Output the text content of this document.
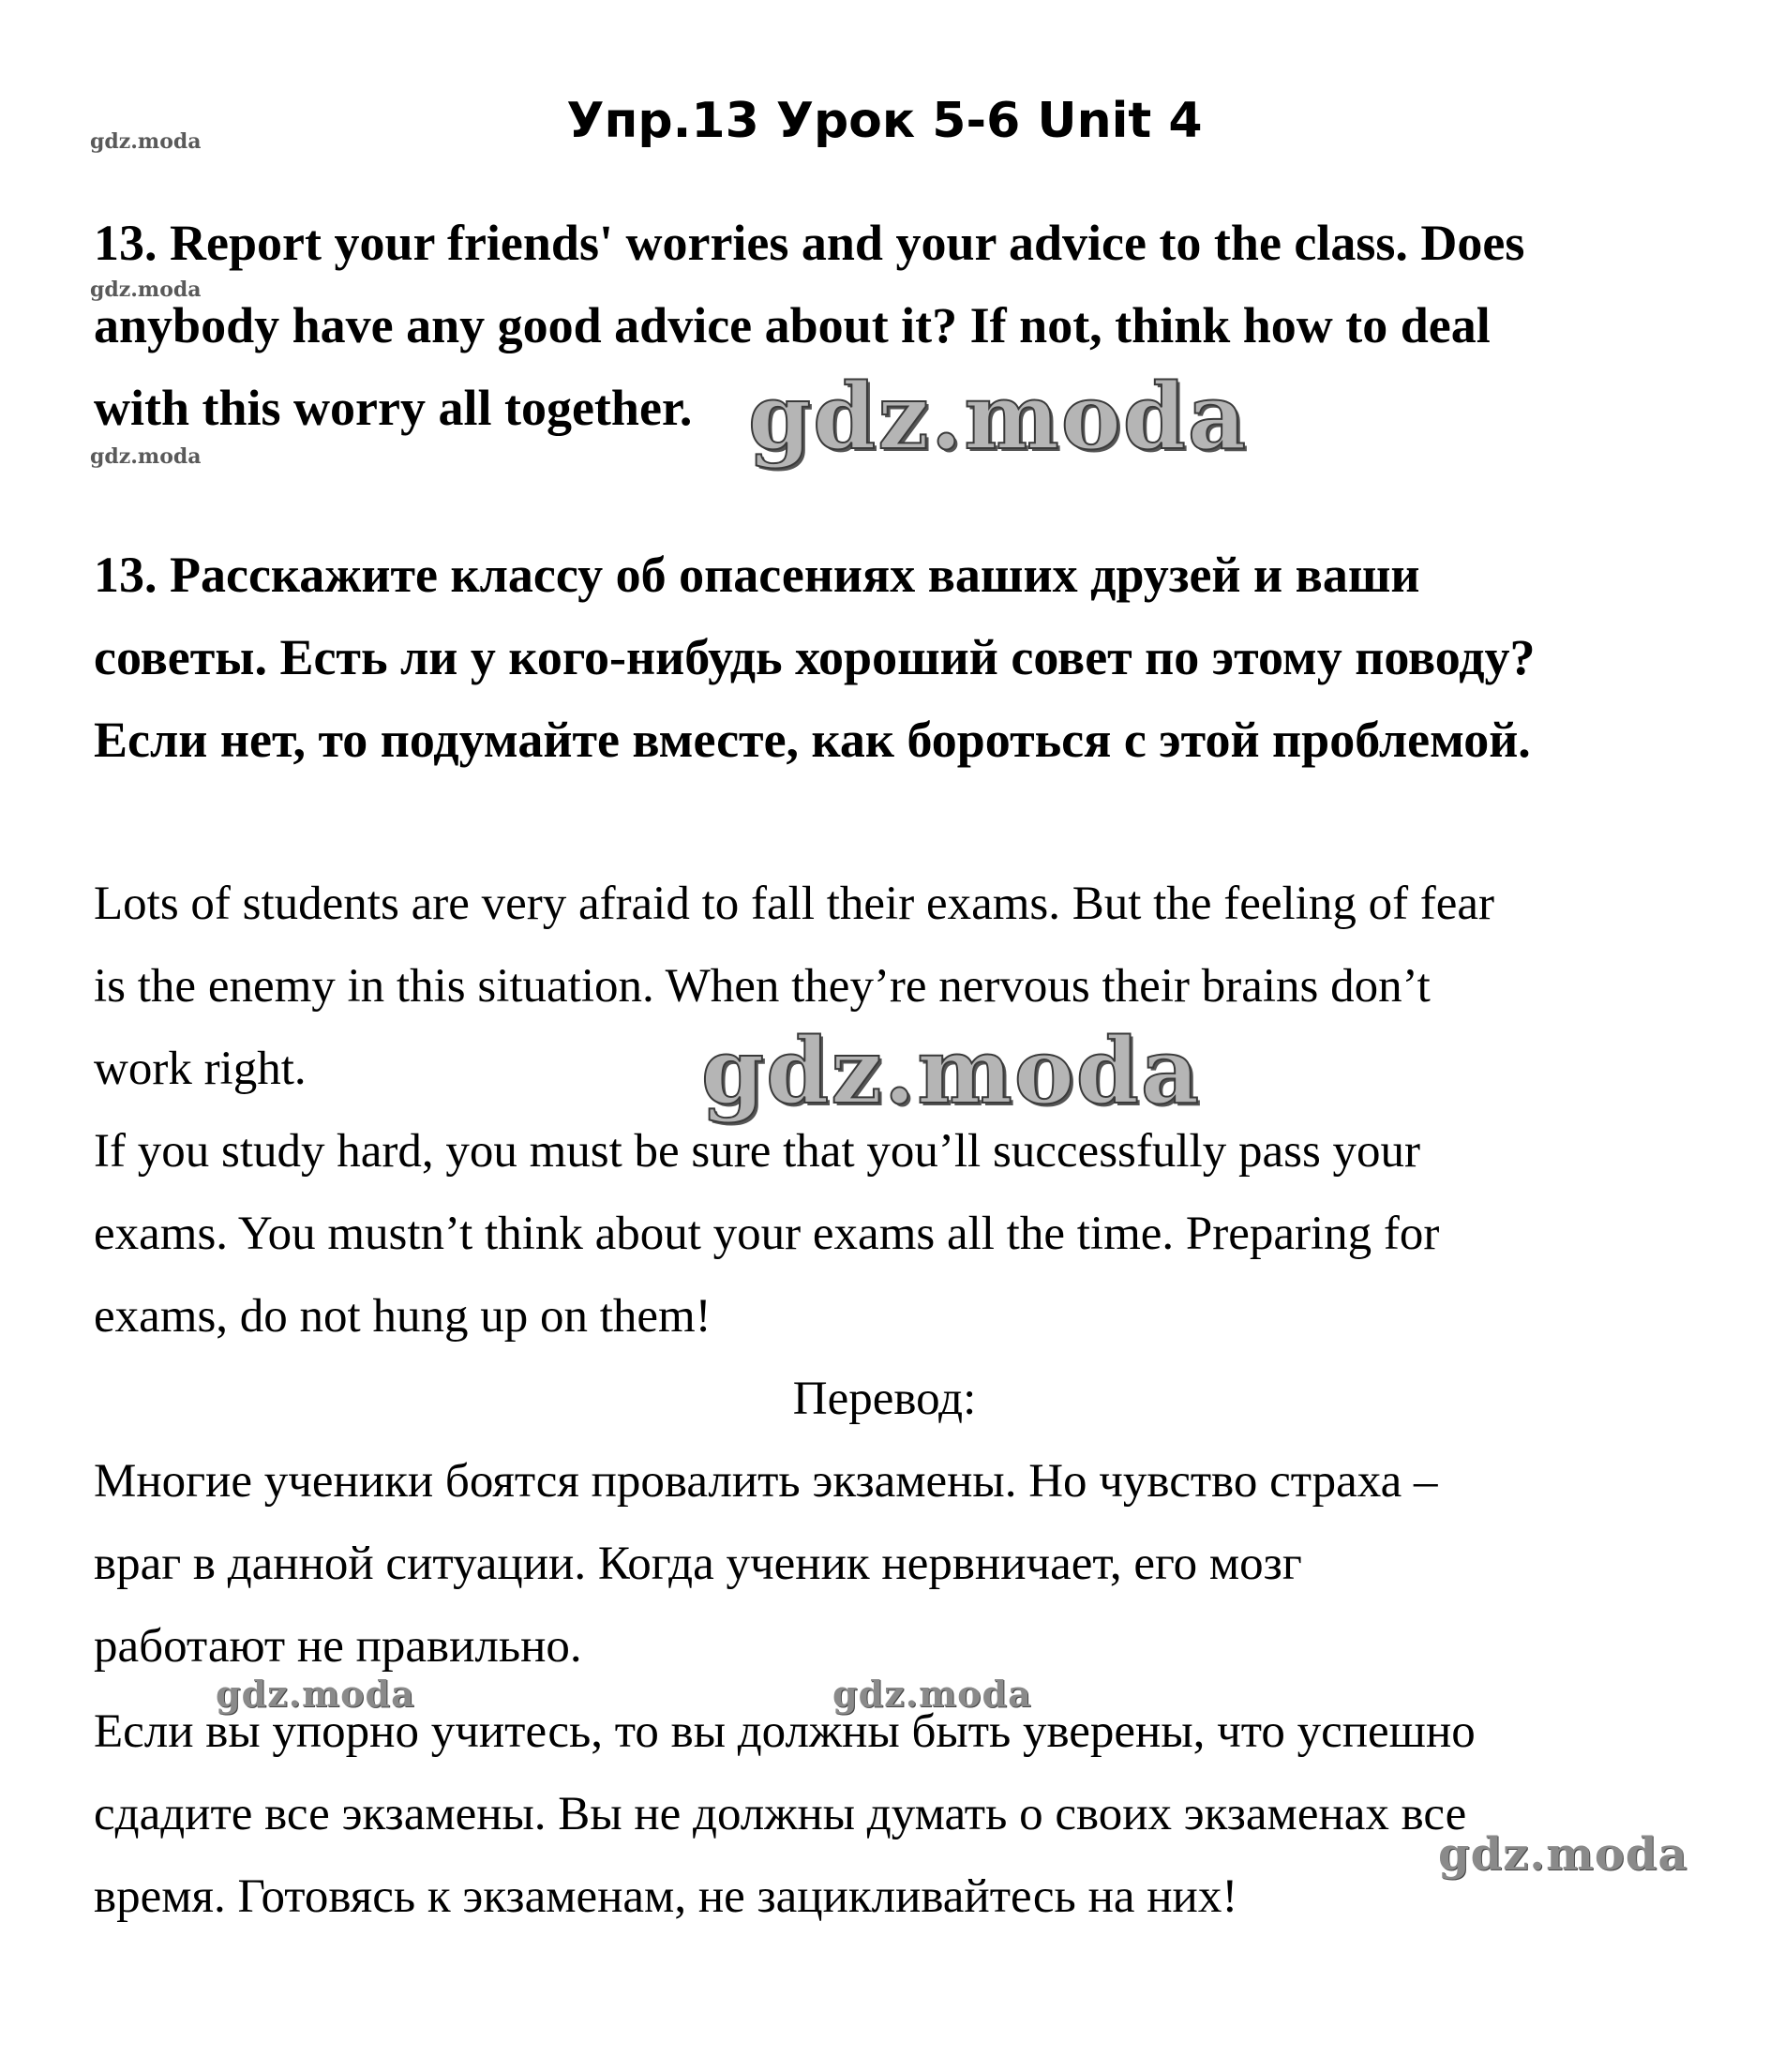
Упр.13 Урок 5-6 Unit 4
13. Report your friends' worries and your advice to the class. Does
anybody have any good advice about it? If not, think how to deal
with this worry all together.
13. Расскажите классу об опасениях ваших друзей и ваши
советы. Есть ли у кого-нибудь хороший совет по этому поводу?
Если нет, то подумайте вместе, как бороться с этой проблемой.
Lots of students are very afraid to fall their exams. But the feeling of fear
is the enemy in this situation. When they’re nervous their brains don’t
work right.
If you study hard, you must be sure that you’ll successfully pass your
exams. You mustn’t think about your exams all the time. Preparing for
exams, do not hung up on them!
Перевод:
Многие ученики боятся провалить экзамены. Но чувство страха –
враг в данной ситуации. Когда ученик нервничает, его мозг
работают не правильно.
Если вы упорно учитесь, то вы должны быть уверены, что успешно
сдадите все экзамены. Вы не должны думать о своих экзаменах все
время. Готовясь к экзаменам, не зацикливайтесь на них!
gdz.moda
gdz.moda
gdz.moda	gdz.moda
gdz.moda
gdz.moda	gdz.moda
gdz.moda
